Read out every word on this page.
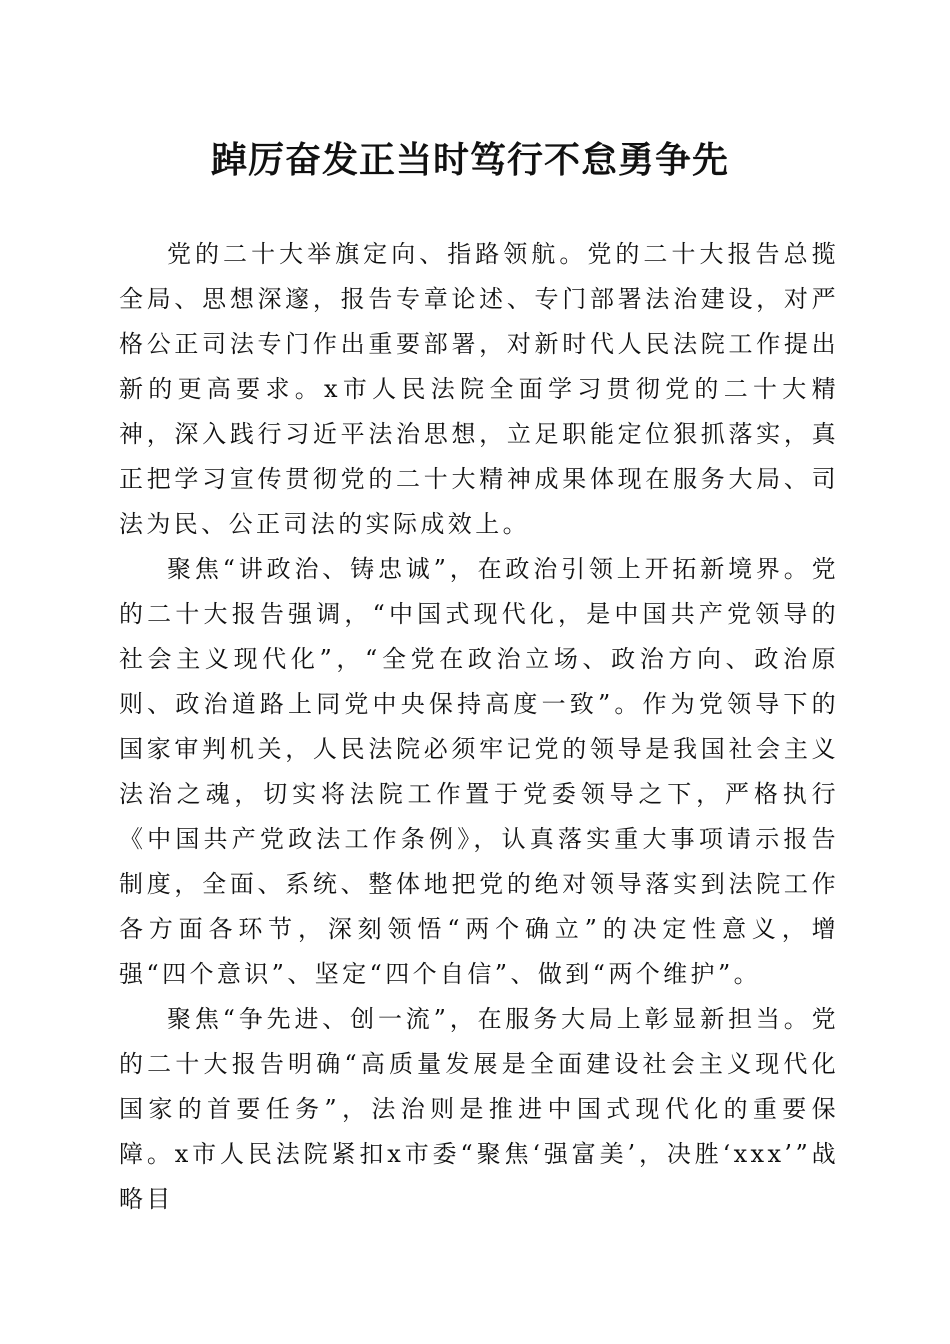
踔厉奋发正当时笃行不怠勇争先

党的二十大举旗定向、指路领航。党的二十大报告总揽全局、思想深邃，报告专章论述、专门部署法治建设，对严格公正司法专门作出重要部署，对新时代人民法院工作提出新的更高要求。x市人民法院全面学习贯彻党的二十大精神，深入践行习近平法治思想，立足职能定位狠抓落实，真正把学习宣传贯彻党的二十大精神成果体现在服务大局、司法为民、公正司法的实际成效上。

聚焦“讲政治、铸忠诚”，在政治引领上开拓新境界。党的二十大报告强调，“中国式现代化，是中国共产党领导的社会主义现代化”，“全党在政治立场、政治方向、政治原则、政治道路上同党中央保持高度一致”。作为党领导下的国家审判机关，人民法院必须牢记党的领导是我国社会主义法治之魂，切实将法院工作置于党委领导之下，严格执行《中国共产党政法工作条例》，认真落实重大事项请示报告制度，全面、系统、整体地把党的绝对领导落实到法院工作各方面各环节，深刻领悟“两个确立”的决定性意义，增强“四个意识”、坚定“四个自信”、做到“两个维护”。

聚焦“争先进、创一流”，在服务大局上彰显新担当。党的二十大报告明确“高质量发展是全面建设社会主义现代化国家的首要任务”，法治则是推进中国式现代化的重要保障。x市人民法院紧扣x市委“聚焦‘强富美’，决胜‘xxx’”战略目
